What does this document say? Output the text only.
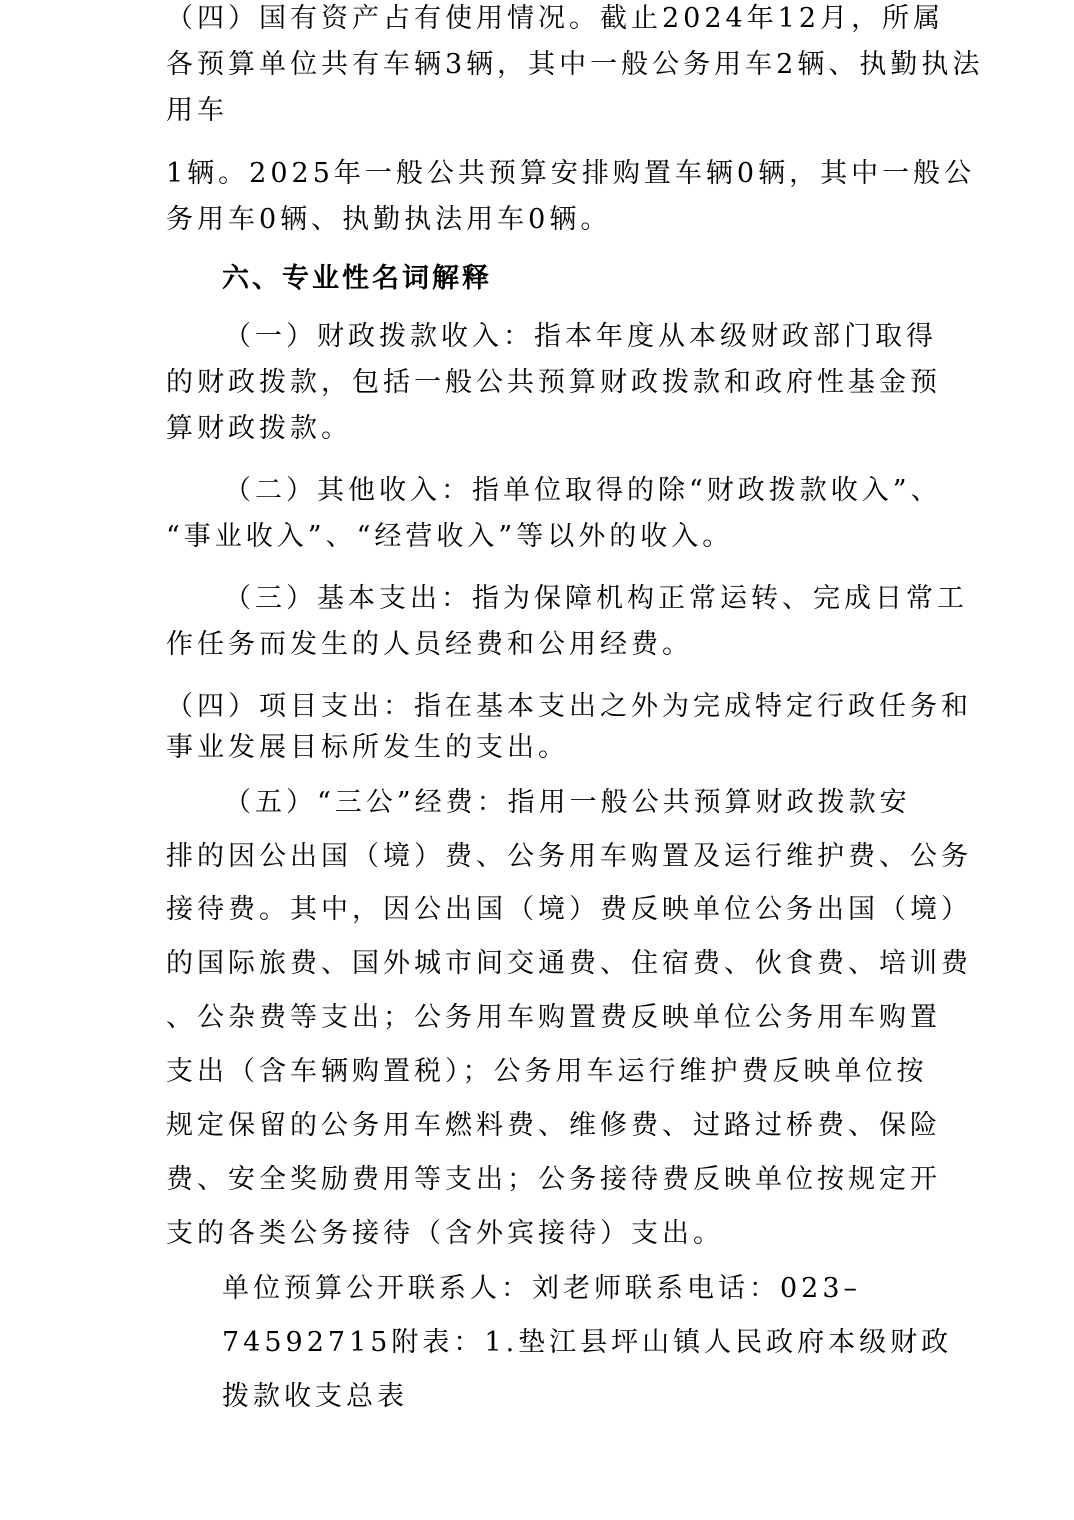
（四）国有资产占有使用情况。截止2024年12月，所属
各预算单位共有车辆3辆，其中一般公务用车2辆、执勤执法
用车
1辆。2025年一般公共预算安排购置车辆0辆，其中一般公
务用车0辆、执勤执法用车0辆。
六、专业性名词解释
（一）财政拨款收入：指本年度从本级财政部门取得
的财政拨款，包括一般公共预算财政拨款和政府性基金预
算财政拨款。
（二）其他收入：指单位取得的除“财政拨款收入”、
“事业收入”、“经营收入”等以外的收入。
（三）基本支出：指为保障机构正常运转、完成日常工
作任务而发生的人员经费和公用经费。
（四）项目支出：指在基本支出之外为完成特定行政任务和
事业发展目标所发生的支出。
（五）“三公”经费：指用一般公共预算财政拨款安
排的因公出国（境）费、公务用车购置及运行维护费、公务
接待费。其中，因公出国（境）费反映单位公务出国（境）
的国际旅费、国外城市间交通费、住宿费、伙食费、培训费
、公杂费等支出；公务用车购置费反映单位公务用车购置
支出（含车辆购置税）；公务用车运行维护费反映单位按
规定保留的公务用车燃料费、维修费、过路过桥费、保险
费、安全奖励费用等支出；公务接待费反映单位按规定开
支的各类公务接待（含外宾接待）支出。
单位预算公开联系人：刘老师联系电话：023–
74592715附表：1.垫江县坪山镇人民政府本级财政
拨款收支总表
